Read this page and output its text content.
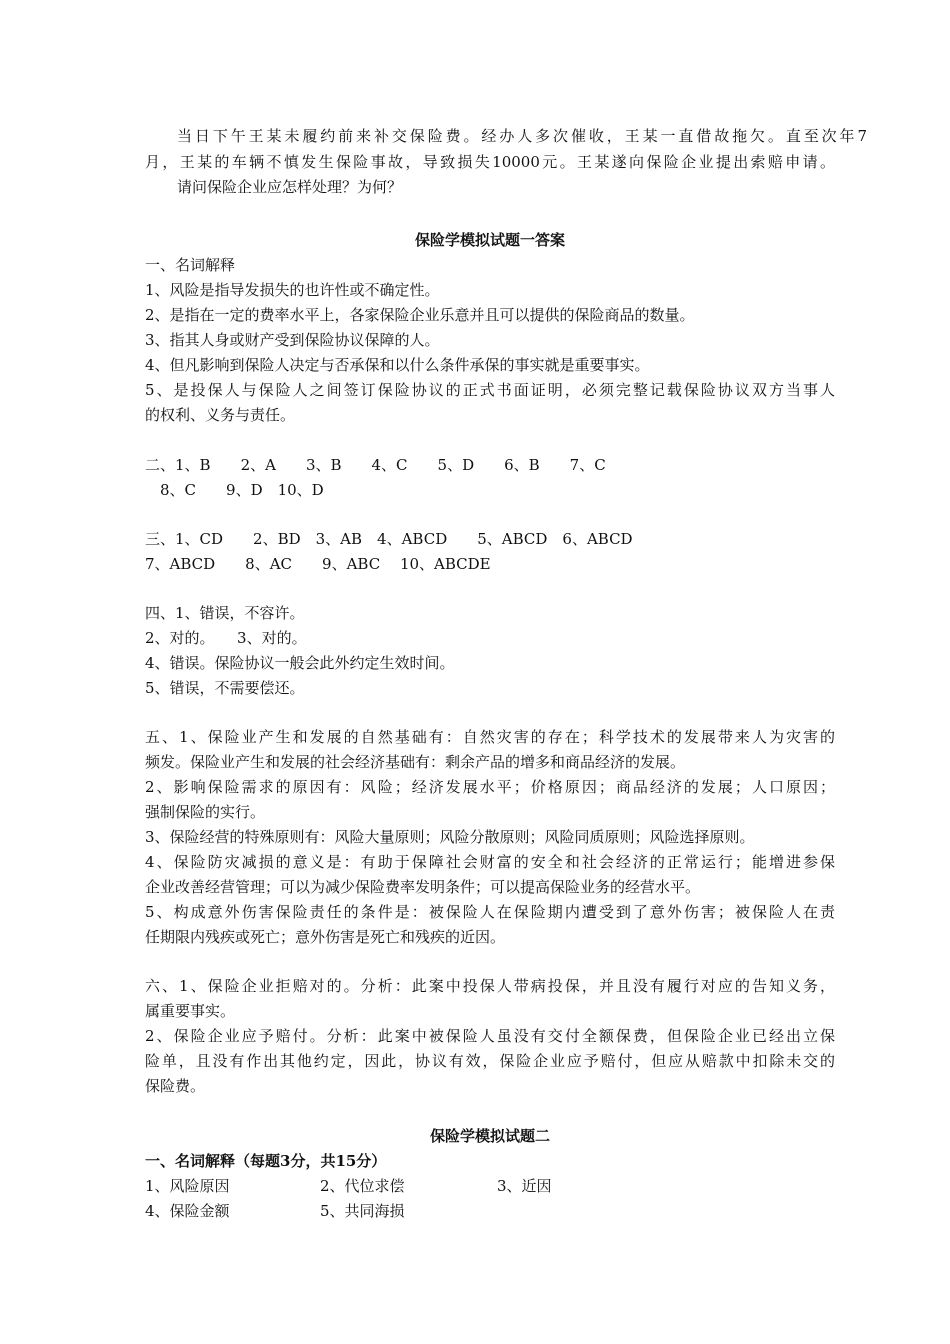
当日下午王某未履约前来补交保险费。经办人多次催收，王某一直借故拖欠。直至次年7
月，王某的车辆不慎发生保险事故，导致损失10000元。王某遂向保险企业提出索赔申请。
请问保险企业应怎样处理？为何？
保险学模拟试题一答案
一、名词解释
1、风险是指导发损失的也许性或不确定性。
2、是指在一定的费率水平上，各家保险企业乐意并且可以提供的保险商品的数量。
3、指其人身或财产受到保险协议保障的人。
4、但凡影响到保险人决定与否承保和以什么条件承保的事实就是重要事实。
5、是投保人与保险人之间签订保险协议的正式书面证明，必须完整记载保险协议双方当事人
的权利、义务与责任。
二、1、B　　2、A　　3、B　　4、C　　5、D　　6、B　　7、C
　8、C　　9、D　10、D
三、1、CD　　2、BD　3、AB　4、ABCD　　5、ABCD　6、ABCD
7、ABCD　　8、AC　　9、ABC　 10、ABCDE
四、1、错误，不容许。
2、对的。　　3、对的。
4、错误。保险协议一般会此外约定生效时间。
5、错误，不需要偿还。
五、1、保险业产生和发展的自然基础有：自然灾害的存在；科学技术的发展带来人为灾害的
频发。保险业产生和发展的社会经济基础有：剩余产品的增多和商品经济的发展。
2、影响保险需求的原因有：风险；经济发展水平；价格原因；商品经济的发展；人口原因；
强制保险的实行。
3、保险经营的特殊原则有：风险大量原则；风险分散原则；风险同质原则；风险选择原则。
4、保险防灾减损的意义是：有助于保障社会财富的安全和社会经济的正常运行；能增进参保
企业改善经营管理；可以为减少保险费率发明条件；可以提高保险业务的经营水平。
5、构成意外伤害保险责任的条件是：被保险人在保险期内遭受到了意外伤害；被保险人在责
任期限内残疾或死亡；意外伤害是死亡和残疾的近因。
六、1、保险企业拒赔对的。分析：此案中投保人带病投保，并且没有履行对应的告知义务，
属重要事实。
2、保险企业应予赔付。分析：此案中被保险人虽没有交付全额保费，但保险企业已经出立保
险单，且没有作出其他约定，因此，协议有效，保险企业应予赔付，但应从赔款中扣除未交的
保险费。
保险学模拟试题二
一、名词解释（每题3分，共15分）
1、风险原因	2、代位求偿	3、近因
4、保险金额	5、共同海损
